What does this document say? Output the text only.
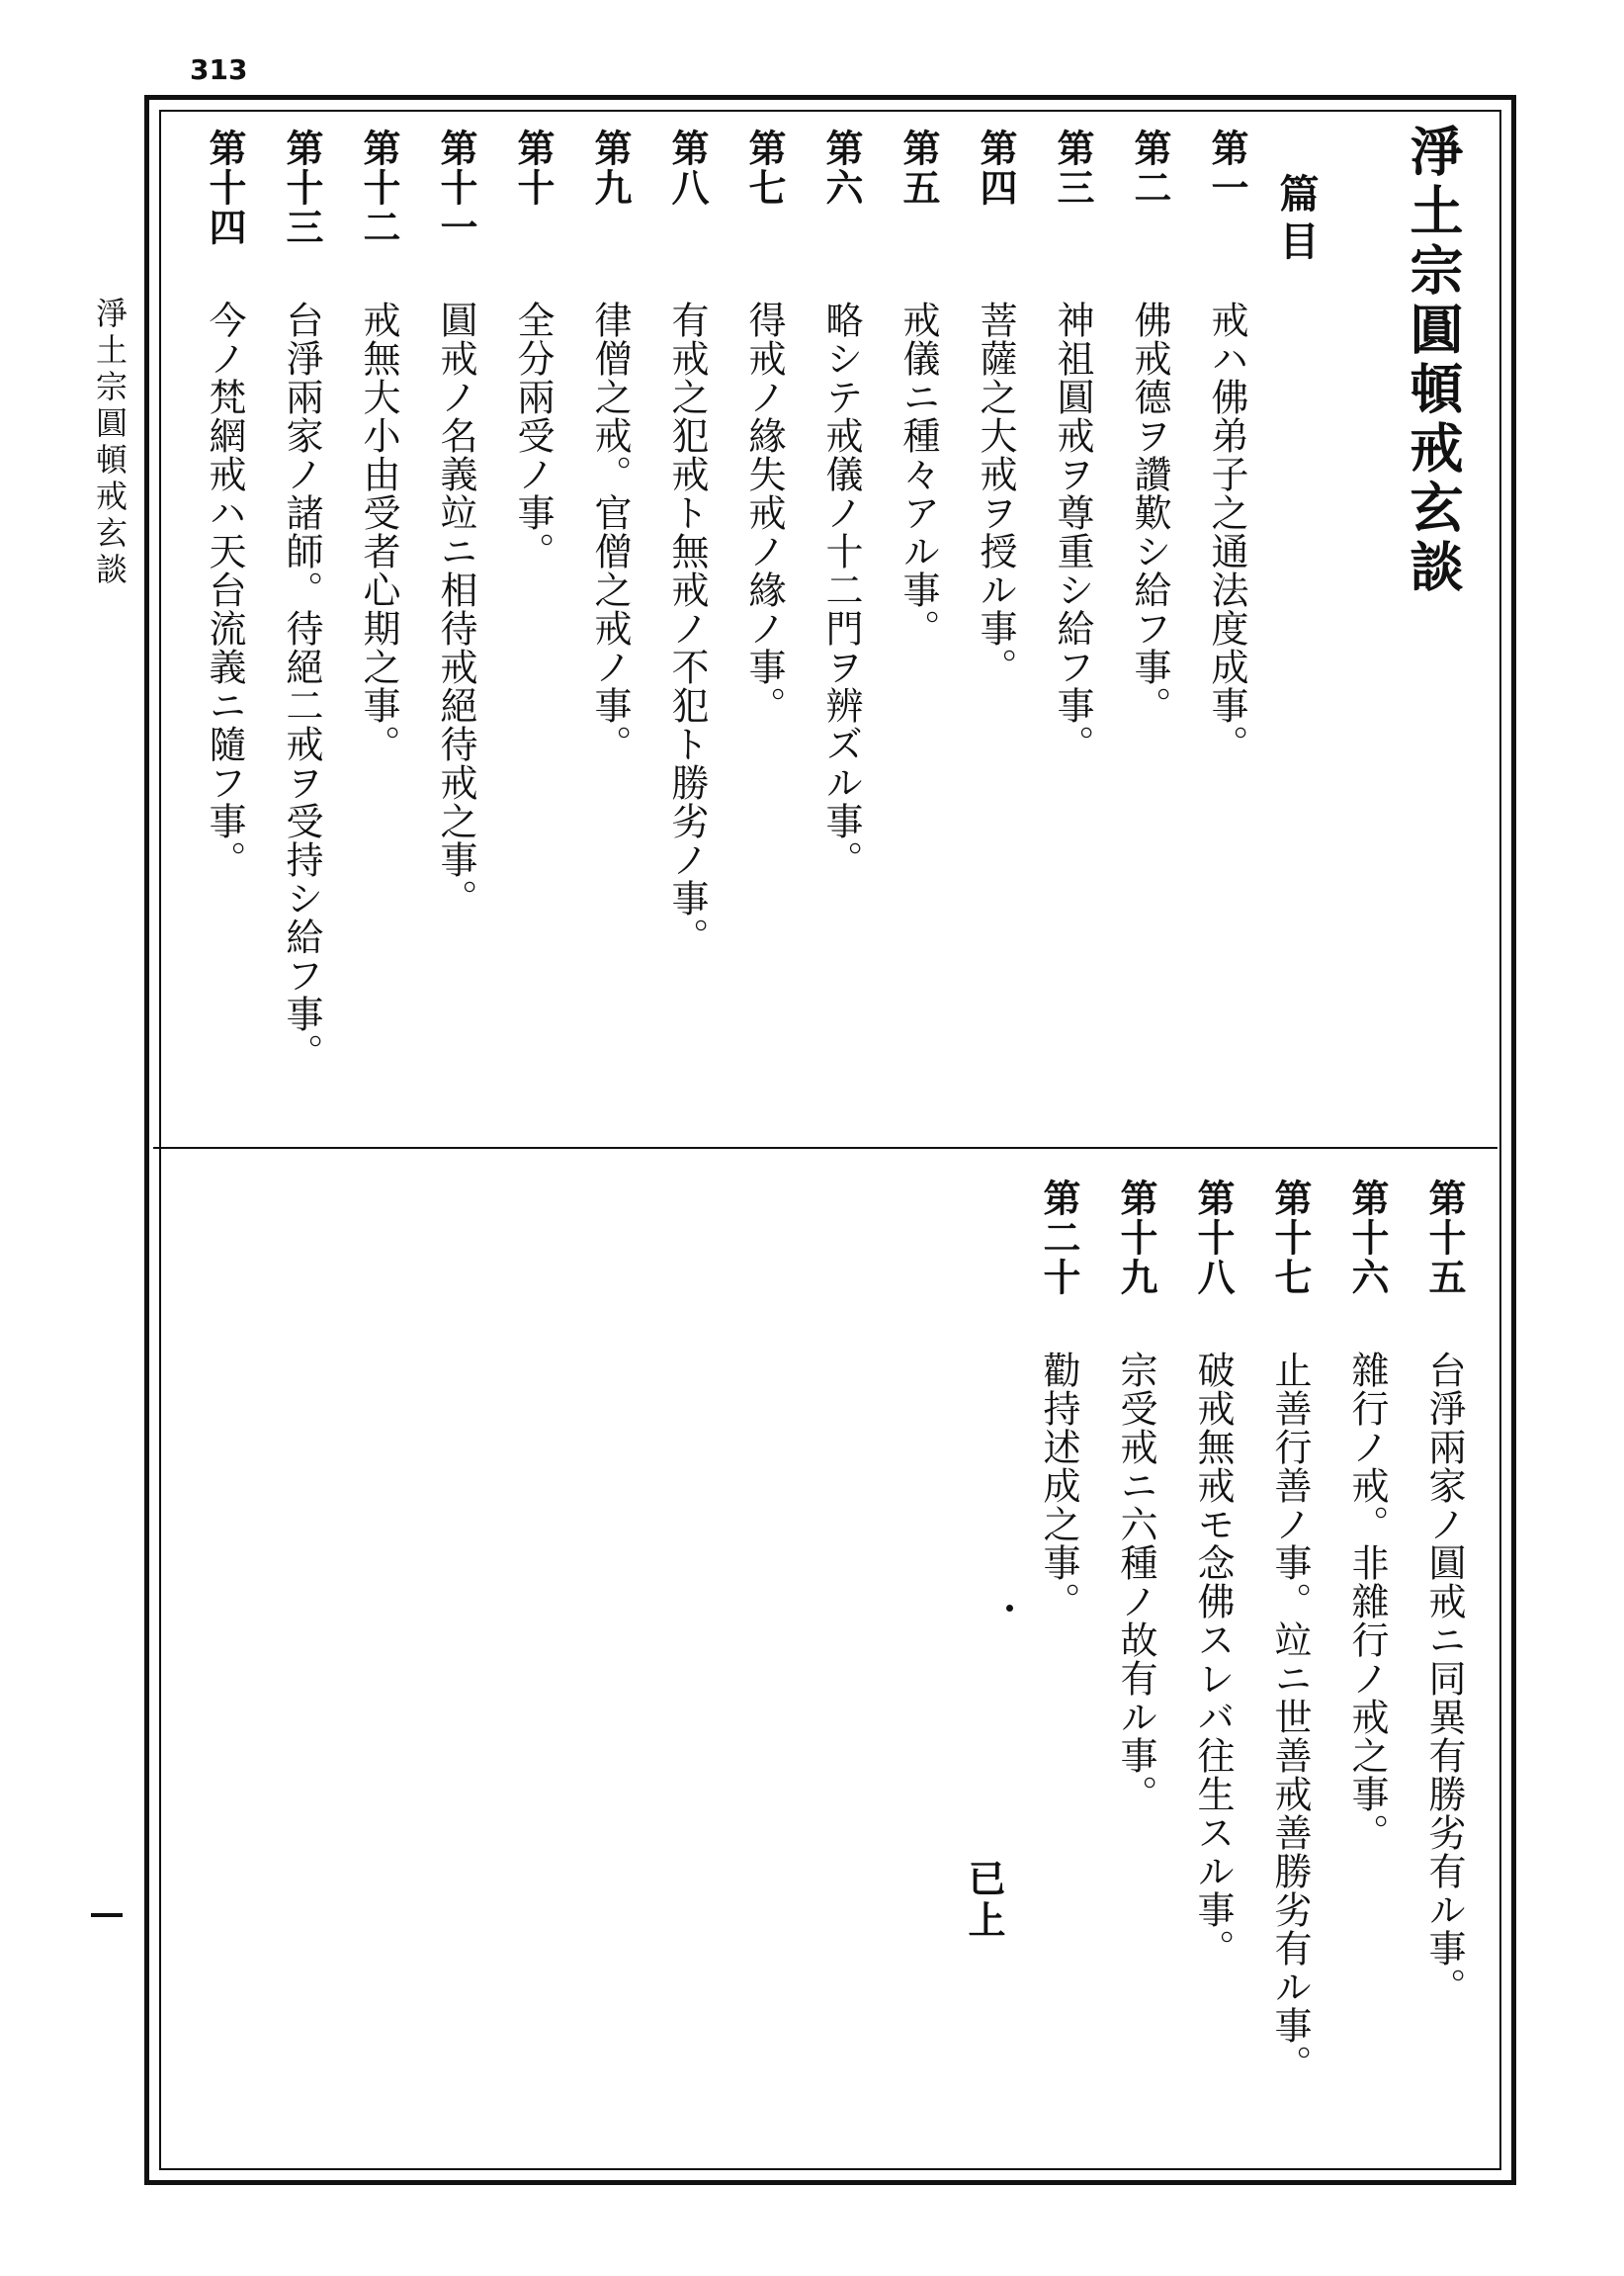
313
淨土宗圓頓戒玄談	淨土宗圓頓戒玄談
篇目
第一
戒ハ佛弟子之通法度成事。
第二
佛戒德ヲ讚歎シ給フ事。
第三
神祖圓戒ヲ尊重シ給フ事。
第四
菩薩之大戒ヲ授ル事。
第五
戒儀ニ種々アル事。
第六
略シテ戒儀ノ十二門ヲ辨ズル事。
第七
得戒ノ緣失戒ノ緣ノ事。
第八
有戒之犯戒ト無戒ノ不犯ト勝劣ノ事。
第九
律僧之戒。官僧之戒ノ事。
第十
全分兩受ノ事。
第十一
圓戒ノ名義竝ニ相待戒絕待戒之事。
第十二
戒無大小由受者心期之事。
第十三
台淨兩家ノ諸師。待絕二戒ヲ受持シ給フ事。
第十四
今ノ梵網戒ハ天台流義ニ隨フ事。
第十五
台淨兩家ノ圓戒ニ同異有勝劣有ル事。
第十六
雜行ノ戒。非雜行ノ戒之事。
第十七
止善行善ノ事。竝ニ世善戒善勝劣有ル事。
第十八
破戒無戒モ念佛スレバ往生スル事。
第十九
宗受戒ニ六種ノ故有ル事。
第二十
勸持述成之事。
已上
